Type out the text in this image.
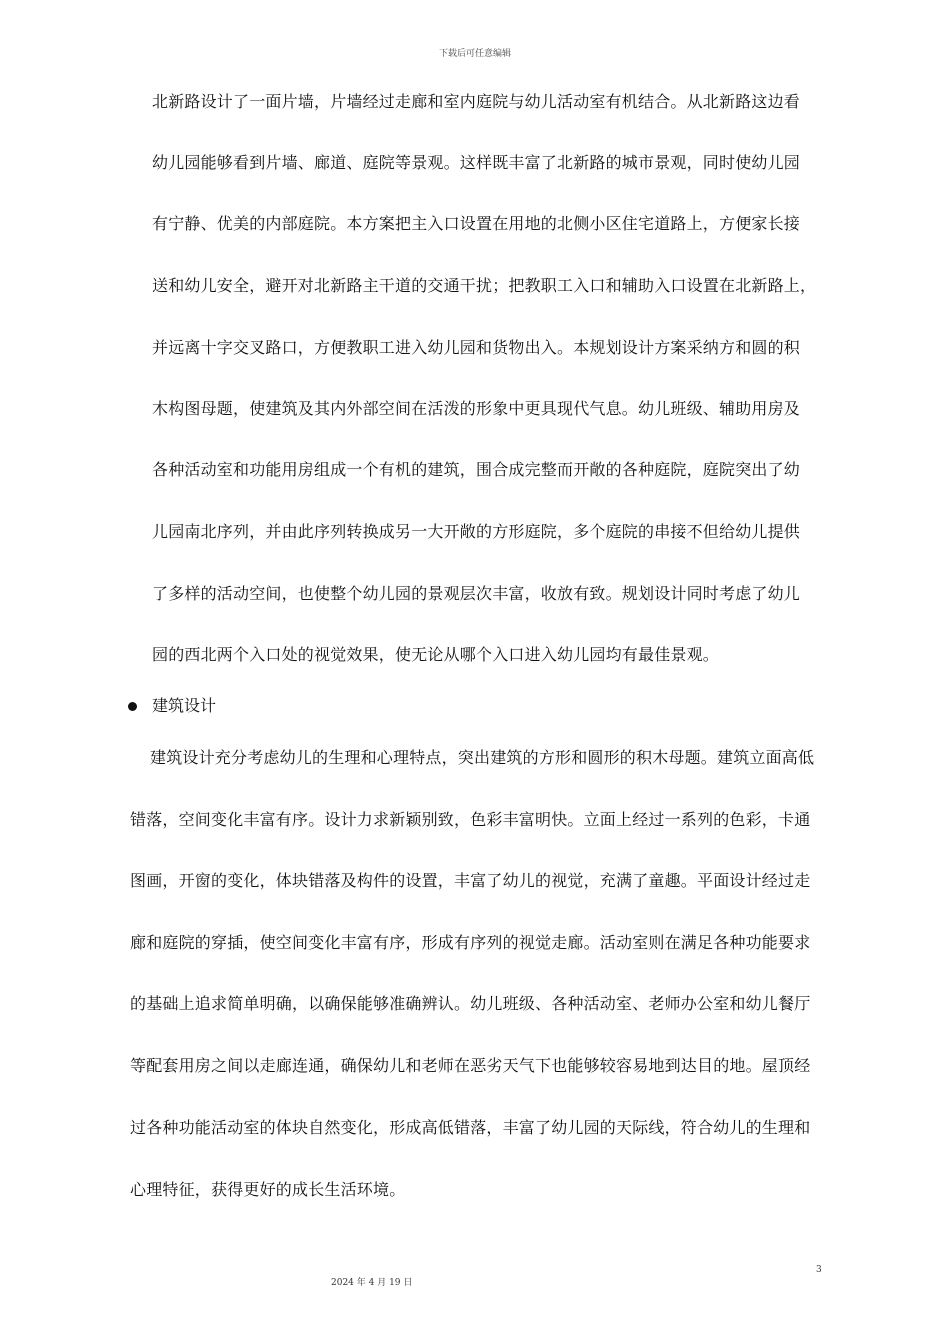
下载后可任意编辑
北新路设计了一面片墙，片墙经过走廊和室内庭院与幼儿活动室有机结合。从北新路这边看
幼儿园能够看到片墙、廊道、庭院等景观。这样既丰富了北新路的城市景观，同时使幼儿园
有宁静、优美的内部庭院。本方案把主入口设置在用地的北侧小区住宅道路上，方便家长接
送和幼儿安全，避开对北新路主干道的交通干扰；把教职工入口和辅助入口设置在北新路上，
并远离十字交叉路口，方便教职工进入幼儿园和货物出入。本规划设计方案采纳方和圆的积
木构图母题，使建筑及其内外部空间在活泼的形象中更具现代气息。幼儿班级、辅助用房及
各种活动室和功能用房组成一个有机的建筑，围合成完整而开敞的各种庭院，庭院突出了幼
儿园南北序列，并由此序列转换成另一大开敞的方形庭院，多个庭院的串接不但给幼儿提供
了多样的活动空间，也使整个幼儿园的景观层次丰富，收放有致。规划设计同时考虑了幼儿
园的西北两个入口处的视觉效果，使无论从哪个入口进入幼儿园均有最佳景观。
建筑设计
建筑设计充分考虑幼儿的生理和心理特点，突出建筑的方形和圆形的积木母题。建筑立面高低
错落，空间变化丰富有序。设计力求新颖别致，色彩丰富明快。立面上经过一系列的色彩，卡通
图画，开窗的变化，体块错落及构件的设置，丰富了幼儿的视觉，充满了童趣。平面设计经过走
廊和庭院的穿插，使空间变化丰富有序，形成有序列的视觉走廊。活动室则在满足各种功能要求
的基础上追求简单明确，以确保能够准确辨认。幼儿班级、各种活动室、老师办公室和幼儿餐厅
等配套用房之间以走廊连通，确保幼儿和老师在恶劣天气下也能够较容易地到达目的地。屋顶经
过各种功能活动室的体块自然变化，形成高低错落，丰富了幼儿园的天际线，符合幼儿的生理和
心理特征，获得更好的成长生活环境。
3
2024 年 4 月 19 日
